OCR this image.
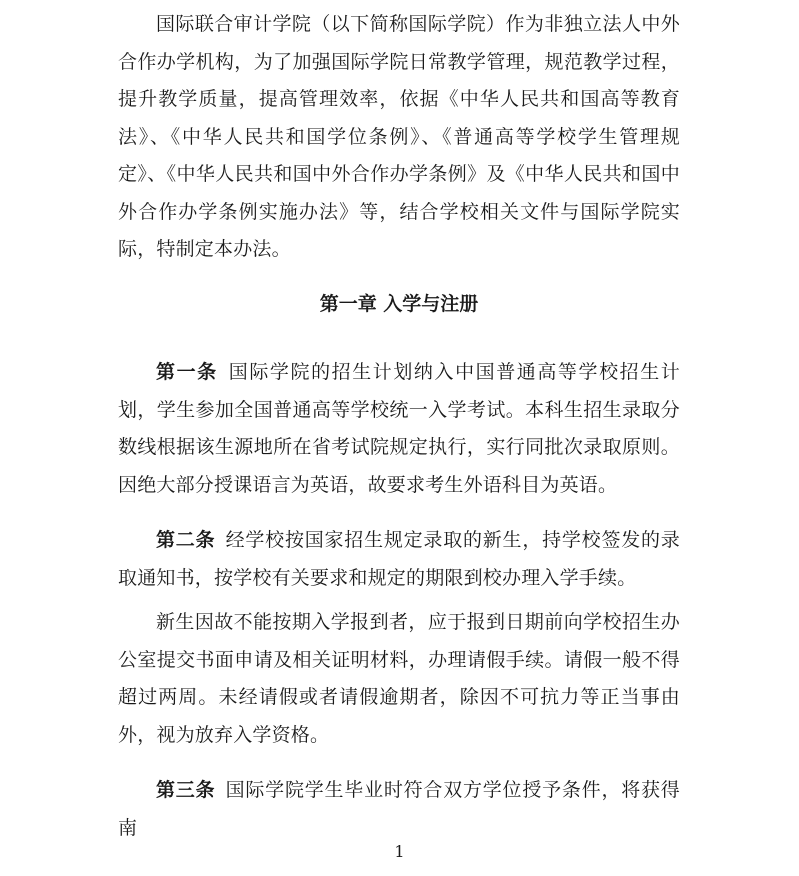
国际联合审计学院（以下简称国际学院）作为非独立法人中外合作办学机构，为了加强国际学院日常教学管理，规范教学过程，提升教学质量，提高管理效率，依据《中华人民共和国高等教育法》、《中华人民共和国学位条例》、《普通高等学校学生管理规定》、《中华人民共和国中外合作办学条例》及《中华人民共和国中外合作办学条例实施办法》等，结合学校相关文件与国际学院实际，特制定本办法。

第一章 入学与注册

第一条  国际学院的招生计划纳入中国普通高等学校招生计划，学生参加全国普通高等学校统一入学考试。本科生招生录取分数线根据该生源地所在省考试院规定执行，实行同批次录取原则。因绝大部分授课语言为英语，故要求考生外语科目为英语。

第二条  经学校按国家招生规定录取的新生，持学校签发的录取通知书，按学校有关要求和规定的期限到校办理入学手续。

新生因故不能按期入学报到者，应于报到日期前向学校招生办公室提交书面申请及相关证明材料，办理请假手续。请假一般不得超过两周。未经请假或者请假逾期者，除因不可抗力等正当事由外，视为放弃入学资格。

第三条  国际学院学生毕业时符合双方学位授予条件，将获得南

1
